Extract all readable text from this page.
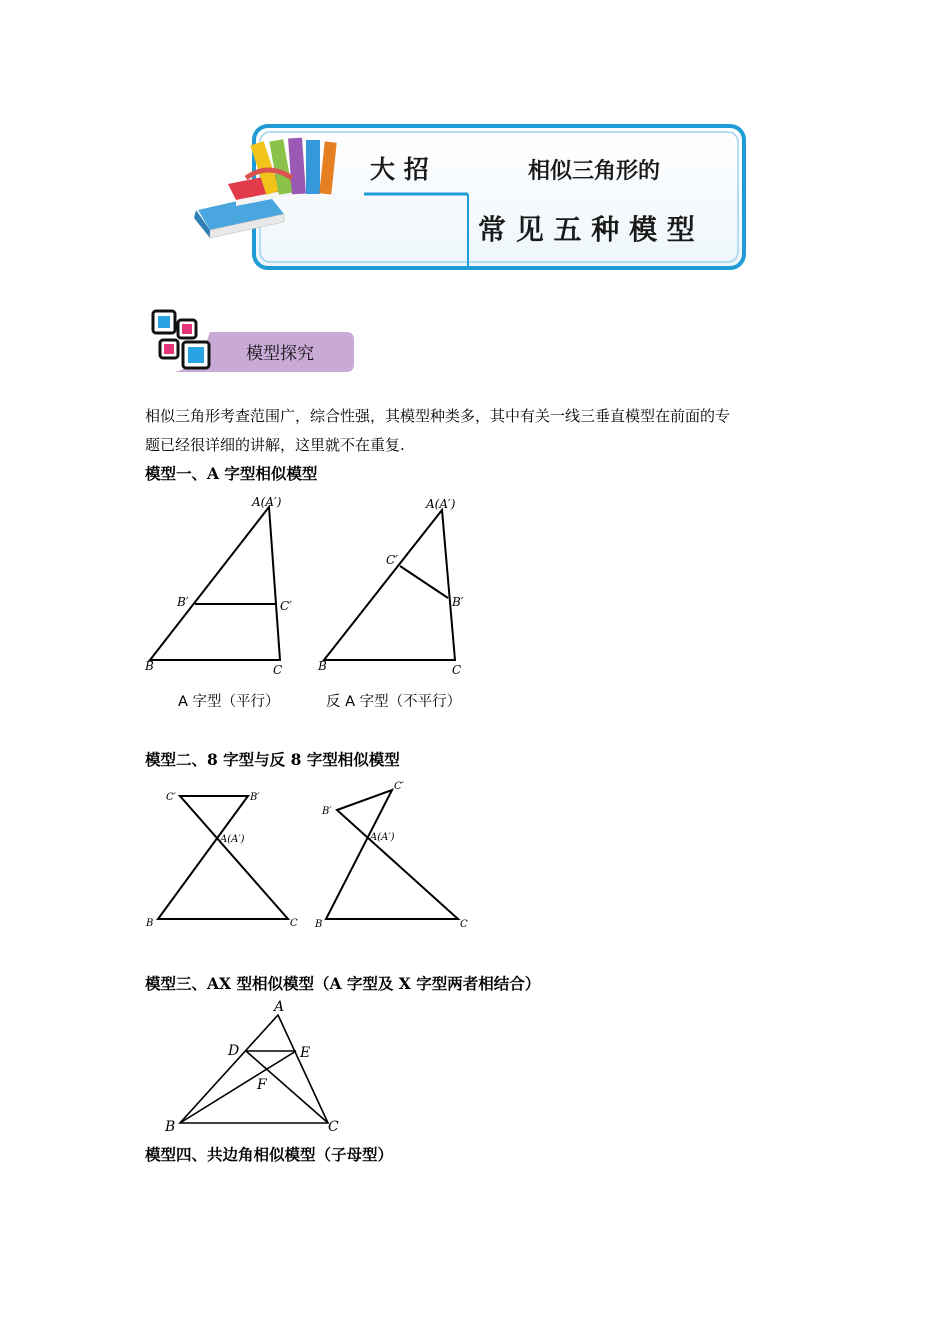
大 招	相似三角形的
常 见 五 种 模 型
模型探究
相似三角形考查范围广，综合性强，其模型种类多，其中有关一线三垂直模型在前面的专
题已经很详细的讲解，这里就不在重复.
模型一、A 字型相似模型
A(A′)
B′	C′
B	C
A(A′)
C′
B′
B	C
A 字型（平行）	反 A 字型（不平行）
模型二、8 字型与反 8 字型相似模型
C′	B′
A(A′)
B	C
B′
C′
A(A′)
B	C
模型三、AX 型相似模型（A 字型及 X 字型两者相结合）
A
D	E
F
B	C
模型四、共边角相似模型（子母型）
